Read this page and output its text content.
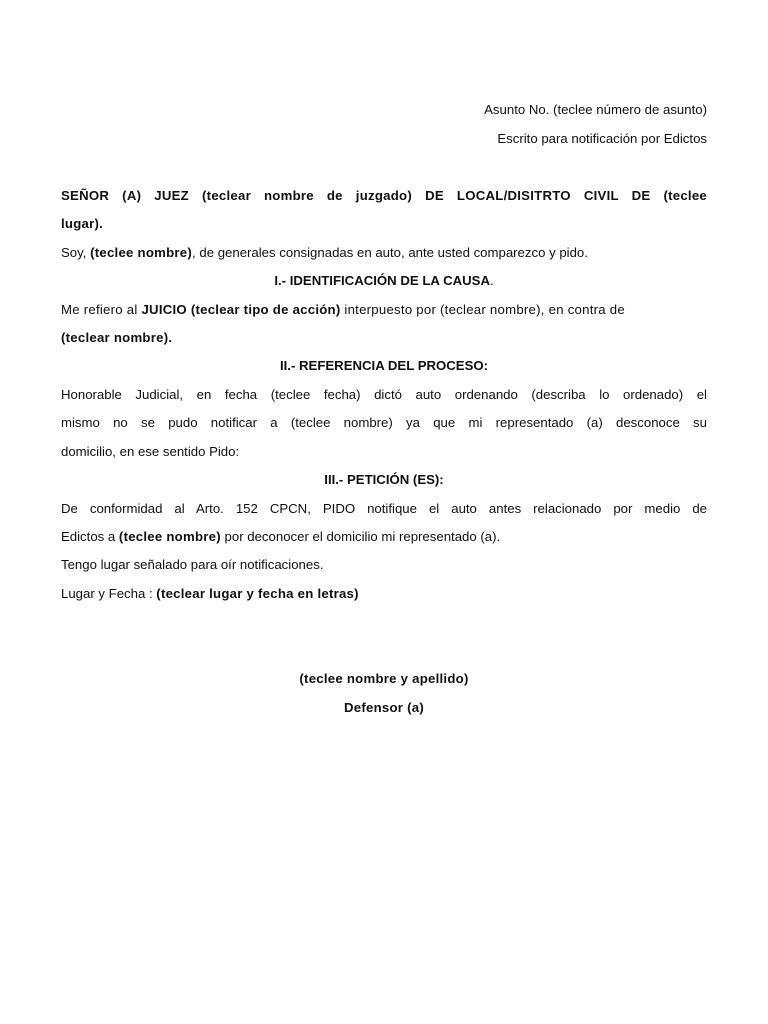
Asunto No. (teclee número de asunto)
Escrito para notificación por Edictos
SEÑOR (A) JUEZ (teclear nombre de juzgado) DE LOCAL/DISITRTO CIVIL DE (teclee
lugar).
Soy, (teclee nombre), de generales consignadas en auto, ante usted comparezco y pido.
I.- IDENTIFICACIÓN DE LA CAUSA.
Me refiero al JUICIO (teclear tipo de acción) interpuesto por (teclear nombre), en contra de
(teclear nombre).
II.- REFERENCIA DEL PROCESO:
Honorable Judicial, en fecha (teclee fecha) dictó auto ordenando (describa lo ordenado) el
mismo no se pudo notificar a (teclee nombre) ya que mi representado (a) desconoce su
domicilio, en ese sentido Pido:
III.- PETICIÓN (ES):
De conformidad al Arto. 152 CPCN, PIDO notifique el auto antes relacionado por medio de
Edictos a (teclee nombre) por deconocer el domicilio mi representado (a).
Tengo lugar señalado para oír notificaciones.
Lugar y Fecha : (teclear lugar y fecha en letras)
(teclee nombre y apellido)
Defensor (a)
